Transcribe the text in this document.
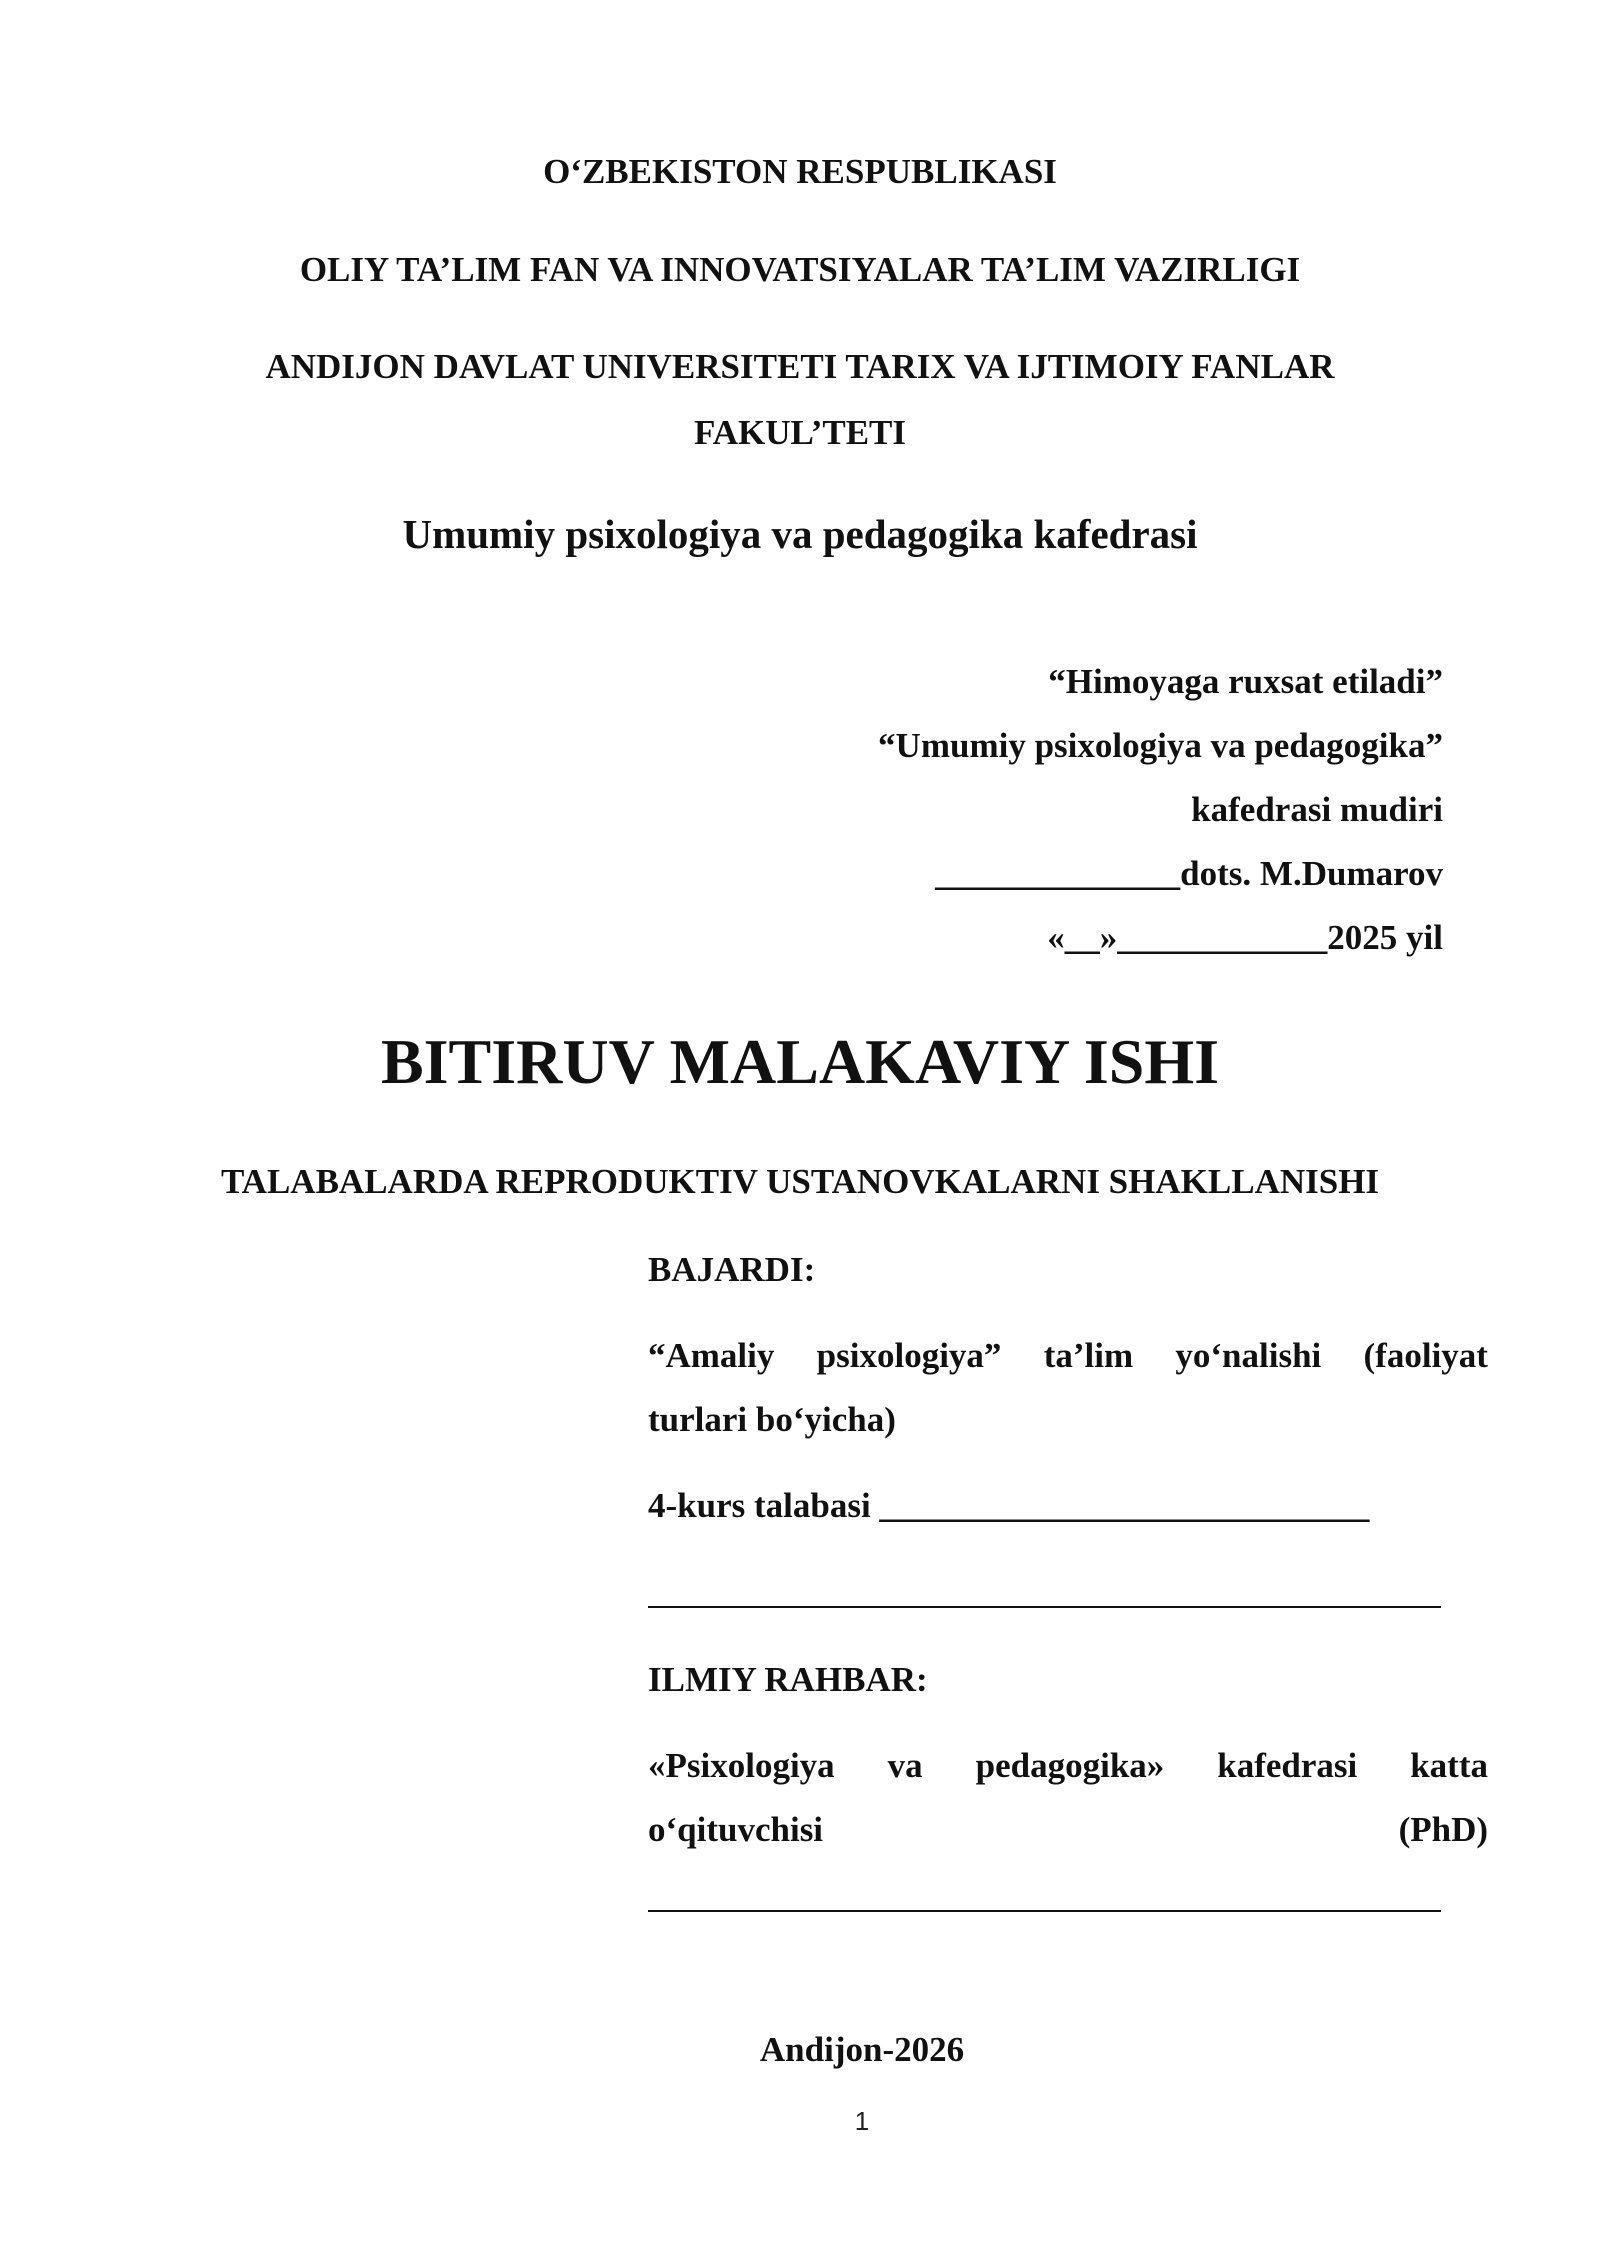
O‘ZBEKISTON RESPUBLIKASI
OLIY TA’LIM FAN VA INNOVATSIYALAR TA’LIM VAZIRLIGI
ANDIJON DAVLAT UNIVERSITETI TARIX VA IJTIMOIY FANLAR
FAKUL’TETI
Umumiy psixologiya va pedagogika kafedrasi
“Himoyaga ruxsat etiladi”
“Umumiy psixologiya va pedagogika”
kafedrasi mudiri
______________dots. M.Dumarov
«__»____________2025 yil
BITIRUV MALAKAVIY ISHI
TALABALARDA REPRODUKTIV USTANOVKALARNI SHAKLLANISHI
BAJARDI:
“Amaliy psixologiya” ta’lim yo‘nalishi (faoliyat
turlari bo‘yicha)
4-kurs talabasi ____________________________
ILMIY RAHBAR:
«Psixologiya va pedagogika» kafedrasi katta
o‘qituvchisi	(PhD)
Andijon-2026
1
